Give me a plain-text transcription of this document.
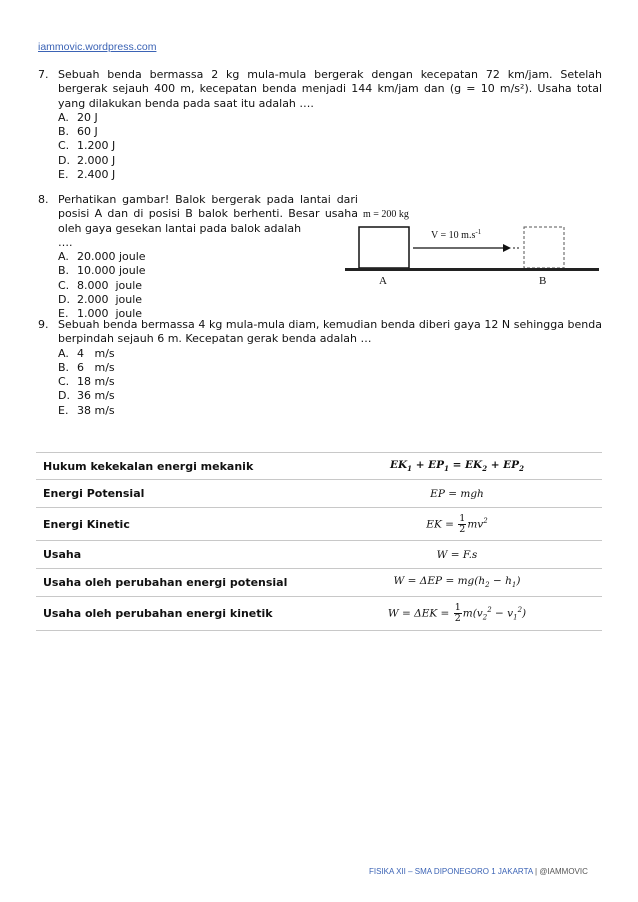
iammovic.wordpress.com
7. Sebuah benda bermassa 2 kg mula-mula bergerak dengan kecepatan 72 km/jam. Setelah bergerak sejauh 400 m, kecepatan benda menjadi 144 km/jam dan (g = 10 m/s²). Usaha total yang dilakukan benda pada saat itu adalah ….
A. 20 J
B. 60 J
C. 1.200 J
D. 2.000 J
E. 2.400 J
8. Perhatikan gambar! Balok bergerak pada lantai dari posisi A dan di posisi B balok berhenti. Besar usaha oleh gaya gesekan lantai pada balok adalah
….
A. 20.000 joule
B. 10.000 joule
C. 8.000  joule
D. 2.000  joule
E. 1.000  joule
m = 200 kg
V = 10 $m.s^{-1}$
A	B
9. Sebuah benda bermassa 4 kg mula-mula diam, kemudian benda diberi gaya 12 N sehingga benda berpindah sejauh 6 m. Kecepatan gerak benda adalah …
A. 4   m/s
B. 6   m/s
C. 18 m/s
D. 36 m/s
E. 38 m/s
Hukum kekekalan energi mekanik	$EK_1 + EP_1 = EK_2 + EP_2$
Energi Potensial	EP = mgh
Energi Kinetic	EK = $\frac{1}{2} mv^2$
Usaha	W = F.s
Usaha oleh perubahan energi potensial	$W = \Delta EP = mg(h_2 - h_1)$
Usaha oleh perubahan energi kinetik	$W = \Delta EK = \frac{1}{2} m(v_2^2 - v_1^2)$
FISIKA XII – SMA DIPONEGORO 1 JAKARTA | @IAMMOVIC
